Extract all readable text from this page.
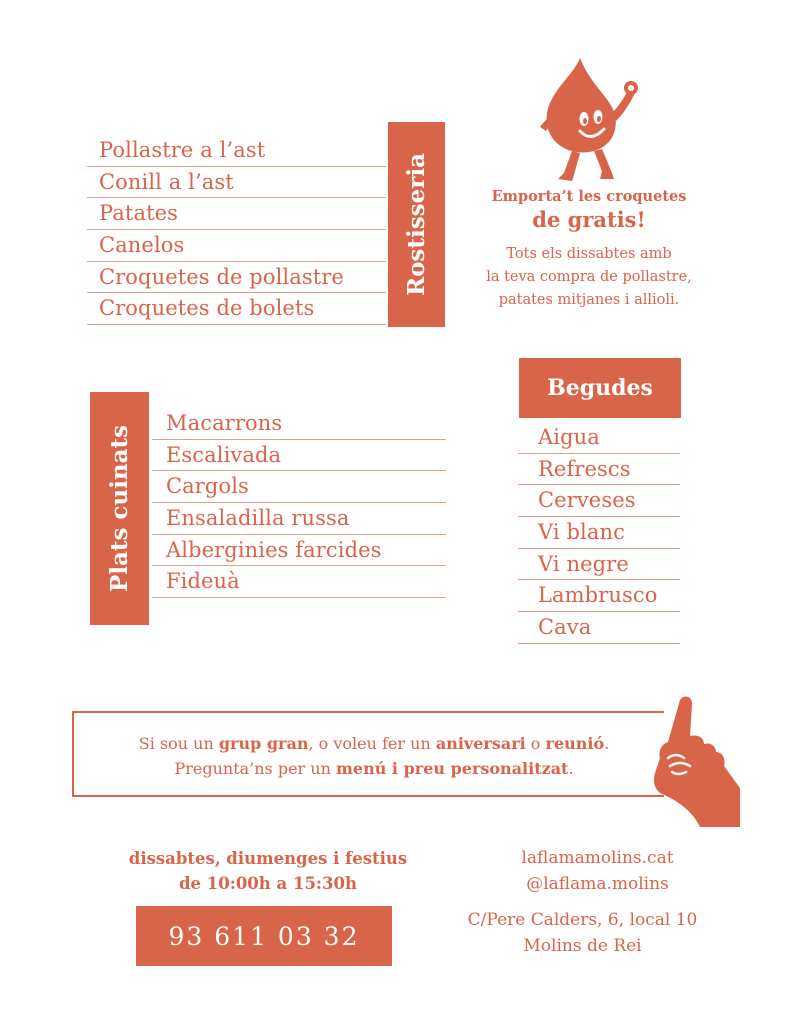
Pollastre a l’ast
Conill a l’ast
Patates
Canelos
Croquetes de pollastre
Croquetes de bolets
Rostisseria	Emporta’t les croquetes
de gratis!
Tots els dissabtes amb
la teva compra de pollastre,
patates mitjanes i allioli.
Plats cuinats
Macarrons
Escalivada
Cargols
Ensaladilla russa
Alberginies farcides
Fideuà
Begudes
Aigua
Refrescs
Cerveses
Vi blanc
Vi negre
Lambrusco
Cava
Si sou un grup gran, o voleu fer un aniversari o reunió.
Pregunta’ns per un menú i preu personalitzat.
dissabtes, diumenges i festius
de 10:00h a 15:30h
93 611 03 32
laflamamolins.cat
@laflama.molins
C/Pere Calders, 6, local 10
Molins de Rei
